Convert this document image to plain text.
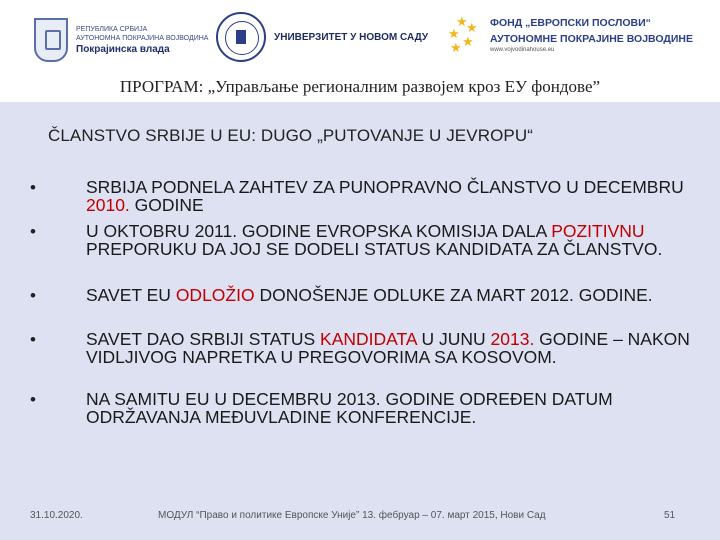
РЕПУБЛИКА СРБИЈА
АУТОНОМНА ПОКРАЈИНА ВОЈВОДИНА
Покрајинска влада
УНИВЕРЗИТЕТ У НОВОМ САДУ
★
★
★
★
★
ФОНД „ЕВРОПСКИ ПОСЛОВИ“
АУТОНОМНЕ ПОКРАЈИНЕ ВОЈВОДИНЕ
www.vojvodinahouse.eu
ПРОГРАМ: „Управљање регионалним развојем кроз ЕУ фондове”
ČLANSTVO SRBIJE U EU: DUGO „PUTOVANJE U JEVROPU“
•	SRBIJA PODNELA ZAHTEV ZA PUNOPRAVNO ČLANSTVO U DECEMBRU 2010. GODINE
•	U OKTOBRU 2011. GODINE EVROPSKA KOMISIJA DALA POZITIVNU PREPORUKU DA JOJ SE DODELI STATUS KANDIDATA ZA ČLANSTVO.
•	SAVET EU ODLOŽIO DONOŠENJE ODLUKE ZA MART 2012. GODINE.
•	SAVET DAO SRBIJI STATUS KANDIDATA U JUNU 2013. GODINE – NAKON VIDLJIVOG NAPRETKA U PREGOVORIMA SA KOSOVOM.
•	NA SAMITU EU U DECEMBRU 2013. GODINE ODREĐEN DATUM ODRŽAVANJA MEĐUVLADINE KONFERENCIJE.
31.10.2020.	МОДУЛ “Право и политике Европске Уније” 13. фебруар – 07. март 2015, Нови Сад	51
